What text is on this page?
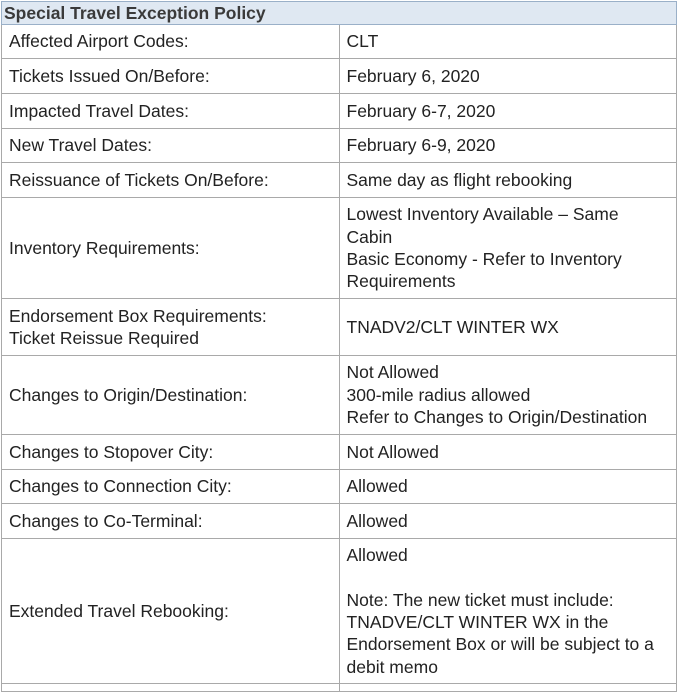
Special Travel Exception Policy	
Affected Airport Codes:	CLT
Tickets Issued On/Before:	February 6, 2020
Impacted Travel Dates:	February 6-7, 2020
New Travel Dates:	February 6-9, 2020
Reissuance of Tickets On/Before:	Same day as flight rebooking
Inventory Requirements:	Lowest Inventory Available – Same Cabin
Basic Economy - Refer to Inventory Requirements

Endorsement Box Requirements:
Ticket Reissue Required	TNADV2/CLT WINTER WX
Changes to Origin/Destination:	Not Allowed
300-mile radius allowed
Refer to Changes to Origin/Destination

Changes to Stopover City:	Not Allowed
Changes to Connection City:	Allowed
Changes to Co-Terminal:	Allowed
Extended Travel Rebooking:	Allowed
Note: The new ticket must include: TNADVE/CLT WINTER WX in the Endorsement Box or will be subject to a debit memo
